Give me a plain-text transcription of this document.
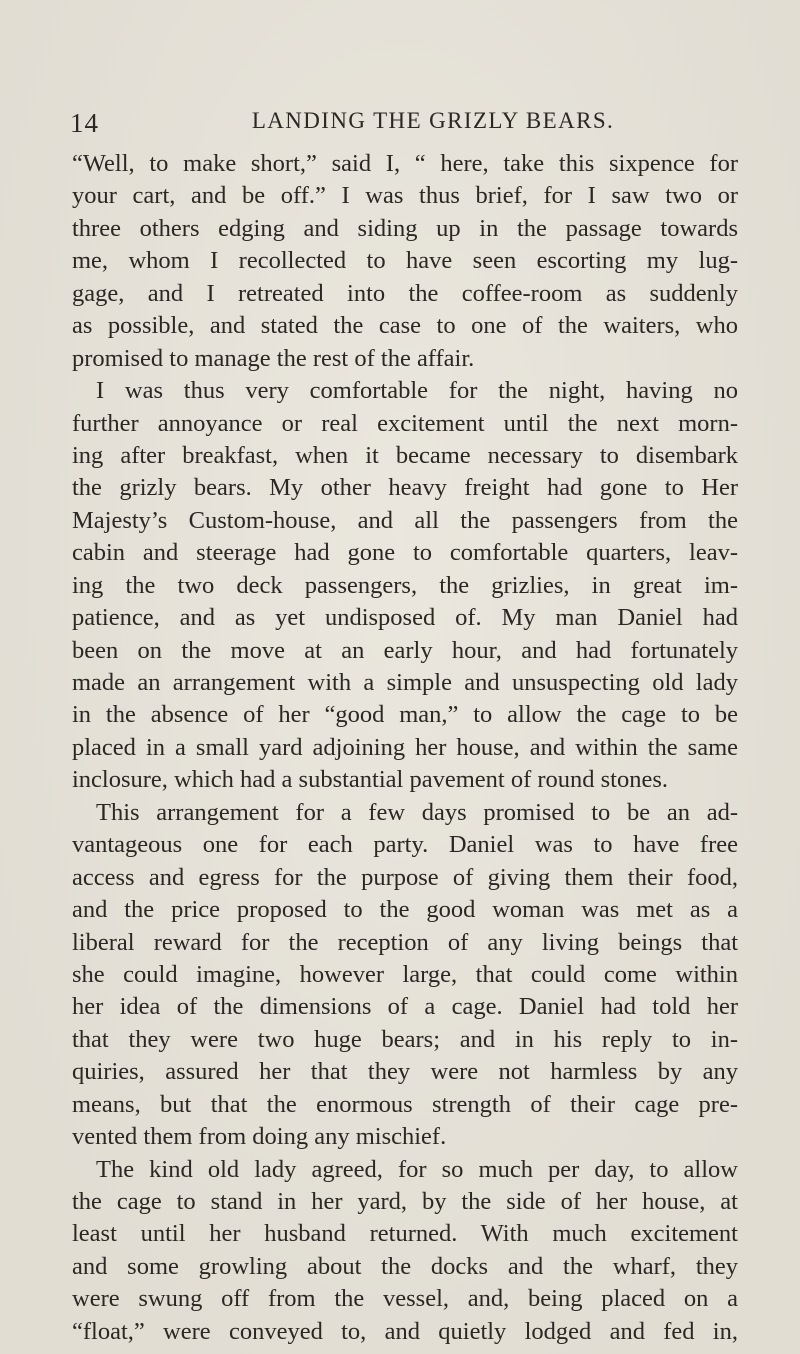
14	LANDING THE GRIZLY BEARS.

“Well, to make short,” said I, “ here, take this sixpence for
your cart, and be off.” I was thus brief, for I saw two or
three others edging and siding up in the passage towards
me, whom I recollected to have seen escorting my lug-
gage, and I retreated into the coffee-room as suddenly
as possible, and stated the case to one of the waiters, who
promised to manage the rest of the affair.

I was thus very comfortable for the night, having no
further annoyance or real excitement until the next morn-
ing after breakfast, when it became necessary to disembark
the grizly bears. My other heavy freight had gone to Her
Majesty’s Custom-house, and all the passengers from the
cabin and steerage had gone to comfortable quarters, leav-
ing the two deck passengers, the grizlies, in great im-
patience, and as yet undisposed of. My man Daniel had
been on the move at an early hour, and had fortunately
made an arrangement with a simple and unsuspecting old lady
in the absence of her “good man,” to allow the cage to be
placed in a small yard adjoining her house, and within the same
inclosure, which had a substantial pavement of round stones.

This arrangement for a few days promised to be an ad-
vantageous one for each party. Daniel was to have free
access and egress for the purpose of giving them their food,
and the price proposed to the good woman was met as a
liberal reward for the reception of any living beings that
she could imagine, however large, that could come within
her idea of the dimensions of a cage. Daniel had told her
that they were two huge bears; and in his reply to in-
quiries, assured her that they were not harmless by any
means, but that the enormous strength of their cage pre-
vented them from doing any mischief.

The kind old lady agreed, for so much per day, to allow
the cage to stand in her yard, by the side of her house, at
least until her husband returned. With much excitement
and some growling about the docks and the wharf, they
were swung off from the vessel, and, being placed on a
“float,” were conveyed to, and quietly lodged and fed in,
